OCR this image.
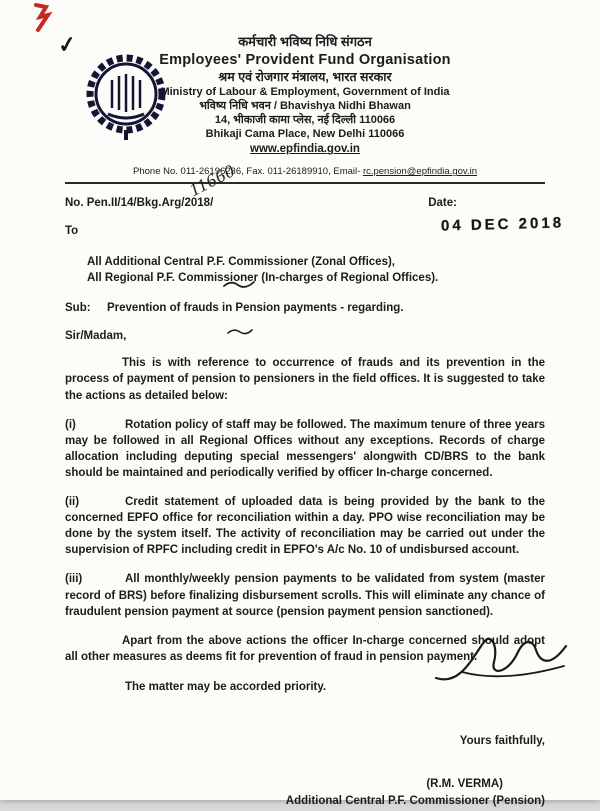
✓	कर्मचारी भविष्य निधि संगठन
Employees' Provident Fund Organisation
श्रम एवं रोजगार मंत्रालय, भारत सरकार
Ministry of Labour & Employment, Government of India
भविष्य निधि भवन / Bhavishya Nidhi Bhawan
14, भीकाजी कामा प्लेस, नई दिल्ली 110066
Bhikaji Cama Place, New Delhi 110066
www.epfindia.gov.in
Phone No. 011-26196236, Fax. 011-26189910, Email- rc.pension@epfindia.gov.in
No. Pen.II/14/Bkg.Arg/2018/	Date:
To
All Additional Central P.F. Commissioner (Zonal Offices),
All Regional P.F. Commissioner (In-charges of Regional Offices).
Sub:	Prevention of frauds in Pension payments - regarding.
Sir/Madam,

This is with reference to occurrence of frauds and its prevention in the process of payment of pension to pensioners in the field offices. It is suggested to take the actions as detailed below:

(i)	Rotation policy of staff may be followed. The maximum tenure of three years may be followed in all Regional Offices without any exceptions. Records of charge allocation including deputing special messengers' alongwith CD/BRS to the bank should be maintained and periodically verified by officer In-charge concerned.

(ii)	Credit statement of uploaded data is being provided by the bank to the concerned EPFO office for reconciliation within a day. PPO wise reconciliation may be done by the system itself. The activity of reconciliation may be carried out under the supervision of RPFC including credit in EPFO's A/c No. 10 of undisbursed account.

(iii)	All monthly/weekly pension payments to be validated from system (master record of BRS) before finalizing disbursement scrolls. This will eliminate any chance of fraudulent pension payment at source (pension payment pension sanctioned).

Apart from the above actions the officer In-charge concerned should adopt all other measures as deems fit for prevention of fraud in pension payment.

The matter may be accorded priority.

Yours faithfully,
(R.M. VERMA)
Additional Central P.F. Commissioner (Pension)
11660
04 DEC 2018
